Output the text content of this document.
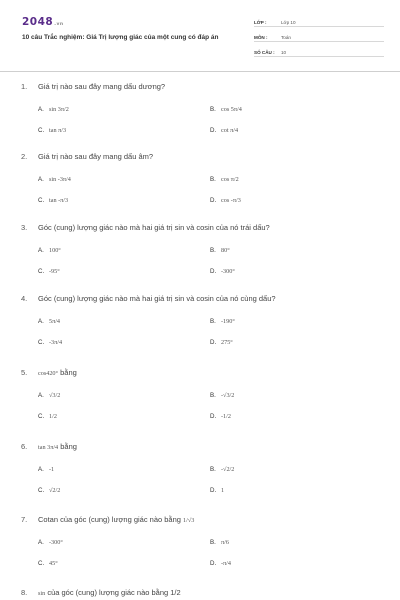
2048.vn
10 câu Trắc nghiệm: Giá Trị lượng giác của một cung có đáp án
LỚP :	Lớp 10
MÔN :	Toán
SỐ CÂU :	10
1.	Giá trị nào sau đây mang dấu dương?
A. sin 3π/2	B. cos 5π/4
C. tan π/3	D. cot π/4
2.	Giá trị nào sau đây mang dấu âm?
A. sin -3π/4	B. cos π/2
C. tan -π/3	D. cos -π/3
3.	Góc (cung) lượng giác nào mà hai giá trị sin và cosin của nó trái dấu?
A. 100°	B. 80°
C. -95°	D. -300°
4.	Góc (cung) lượng giác nào mà hai giá trị sin và cosin của nó cùng dấu?
A. 5π/4	B. -190°
C. -3π/4	D. 275°
5.	cos420° bằng
A. √3/2	B. -√3/2
C. 1/2	D. -1/2
6.	tan 3π/4 bằng
A. -1	B. -√2/2
C. √2/2	D. 1
7.	Cotan của góc (cung) lượng giác nào bằng 1/√3
A. -300°	B. π/6
C. 45°	D. -π/4
8.	sin của góc (cung) lượng giác nào bằng 1/2
